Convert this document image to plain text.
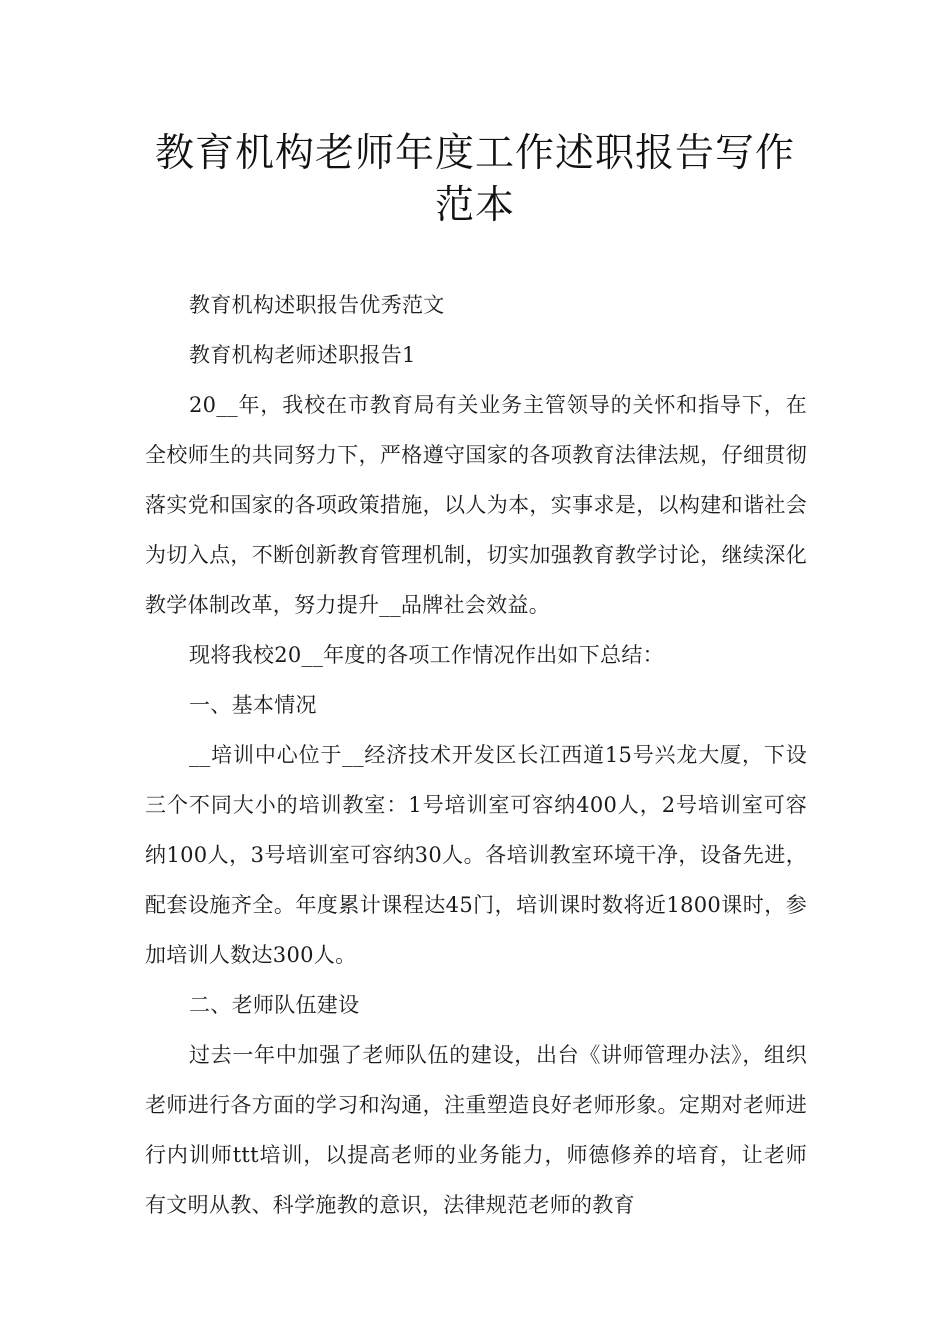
教育机构老师年度工作述职报告写作范本

教育机构述职报告优秀范文

教育机构老师述职报告1

20__年，我校在市教育局有关业务主管领导的关怀和指导下，在全校师生的共同努力下，严格遵守国家的各项教育法律法规，仔细贯彻落实党和国家的各项政策措施，以人为本，实事求是，以构建和谐社会为切入点，不断创新教育管理机制，切实加强教育教学讨论，继续深化教学体制改革，努力提升__品牌社会效益。

现将我校20__年度的各项工作情况作出如下总结：

一、基本情况

__培训中心位于__经济技术开发区长江西道15号兴龙大厦，下设三个不同大小的培训教室：1号培训室可容纳400人，2号培训室可容纳100人，3号培训室可容纳30人。各培训教室环境干净，设备先进，配套设施齐全。年度累计课程达45门，培训课时数将近1800课时，参加培训人数达300人。

二、老师队伍建设

过去一年中加强了老师队伍的建设，出台《讲师管理办法》，组织老师进行各方面的学习和沟通，注重塑造良好老师形象。定期对老师进行内训师ttt培训，以提高老师的业务能力，师德修养的培育，让老师有文明从教、科学施教的意识，法律规范老师的教育
